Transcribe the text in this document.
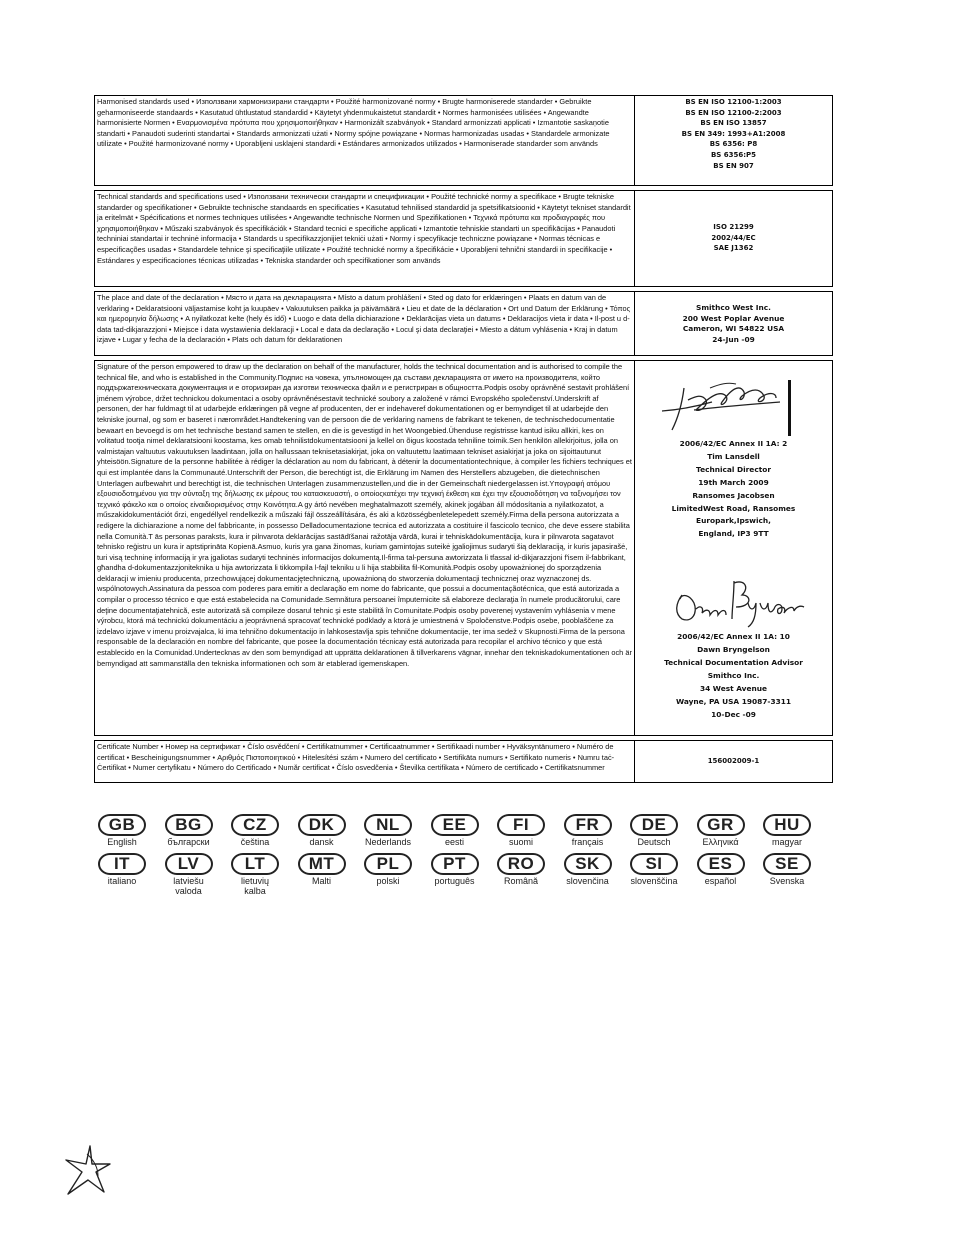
Harmonised standards used • Използвани хармонизирани стандарти • Použité harmonizované normy • Brugte harmoniserede standarder • Gebruikte geharmoniseerde standaards • Kasutatud ühtlustatud standardid • Käytetyt yhdenmukaistetut standardit • Normes harmonisées utilisées • Angewandte harmonisierte Normen • Εναρμονισμένα πρότυπα που χρησιμοποιήθηκαν • Harmonizált szabványok • Standard armonizzati applicati • Izmantotie saskaņotie standarti • Panaudoti suderinti standartai • Standards armonizzati użati • Normy spójne powiązane • Normas harmonizadas usadas • Standardele armonizate utilizate • Použité harmonizované normy • Uporabljeni usklajeni standardi • Estándares armonizados utilizados • Harmoniserade standarder som används
BS EN ISO 12100-1:2003
BS EN ISO 12100-2:2003
BS EN ISO 13857
BS EN 349: 1993+A1:2008
BS 6356: P8
BS 6356:P5
BS EN 907
Technical standards and specifications used • Използвани технически стандарти и спецификации • Použité technické normy a specifikace • Brugte tekniske standarder og specifikationer • Gebruikte technische standaards en specificaties • Kasutatud tehnilised standardid ja spetsifikatsioonid • Käytetyt tekniset standardit ja eritelmät • Spécifications et normes techniques utilisées • Angewandte technische Normen und Spezifikationen • Τεχνικά πρότυπα και προδιαγραφές που χρησιμοποιήθηκαν • Műszaki szabványok és specifikációk • Standard tecnici e specifiche applicati • Izmantotie tehniskie standarti un specifikācijas • Panaudoti techniniai standartai ir techninė informacija • Standards u specifikazzjonijiet tekniċi użati • Normy i specyfikacje techniczne powiązane • Normas técnicas e especificações usadas • Standardele tehnice şi specificaţiile utilizate • Použité technické normy a špecifikácie • Uporabljeni tehnični standardi in specifikacije • Estándares y especificaciones técnicas utilizadas • Tekniska standarder och specifikationer som används
ISO 21299
2002/44/EC
SAE J1362
The place and date of the declaration • Място и дата на декларацията • Místo a datum prohlášení • Sted og dato for erklæringen • Plaats en datum van de verklaring • Deklaratsiooni väljastamise koht ja kuupäev • Vakuutuksen paikka ja päivämäärä • Lieu et date de la déclaration • Ort und Datum der Erklärung • Τόπος και ημερομηνία δήλωσης • A nyilatkozat kelte (hely és idő) • Luogo e data della dichiarazione • Deklarācijas vieta un datums • Deklaracijos vieta ir data • Il-post u d-data tad-dikjarazzjoni • Miejsce i data wystawienia deklaracji • Local e data da declaração • Locul şi data declaraţiei • Miesto a dátum vyhlásenia • Kraj in datum izjave • Lugar y fecha de la declaración • Plats och datum för deklarationen
Smithco West Inc.
200 West Poplar Avenue
Cameron, WI 54822 USA
24-Jun -09
Signature of the person empowered to draw up the declaration on behalf of the manufacturer, holds the technical documentation and is authorised to compile the technical file, and who is established in the Community.Подпис на човека, упълномощен да състави декларацията от името на производителя, който поддържатехническата документация и е оторизиран да изготви техническа файл и е регистриран в общността.Podpis osoby oprávněné sestavit prohlášení jménem výrobce, držet technickou dokumentaci a osoby oprávněnésestavit technické soubory a založené v rámci Evropského společenství.Underskrift af personen, der har fuldmagt til at udarbejde erklæringen på vegne af producenten, der er indehaveref dokumentationen og er bemyndiget til at udarbejde den tekniske journal, og som er baseret i nærområdet.Handtekening van de persoon die de verklaring namens de fabrikant te tekenen, de technischedocumentatie bewaart en bevoegd is om het technische bestand samen te stellen, en die is gevestigd in het Woongebied.Ühenduse registrisse kantud isiku allkiri, kes on volitatud tootja nimel deklaratsiooni koostama, kes omab tehnilistdokumentatsiooni ja kellel on õigus koostada tehniline toimik.Sen henkilön allekirjoitus, jolla on valmistajan valtuutus vakuutuksen laadintaan, jolla on hallussaan teknisetasiakirjat, joka on valtuutettu laatimaan tekniset asiakirjat ja joka on sijoittautunut yhteisöön.Signature de la personne habilitée à rédiger la déclaration au nom du fabricant, à détenir la documentationtechnique, à compiler les fichiers techniques et qui est implantée dans la Communauté.Unterschrift der Person, die berechtigt ist, die Erklärung im Namen des Herstellers abzugeben, die dietechnischen Unterlagen aufbewahrt und berechtigt ist, die technischen Unterlagen zusammenzustellen,und die in der Gemeinschaft niedergelassen ist.Υπογραφή ατόμου εξουσιοδοτημένου για την σύνταξη της δήλωσης εκ μέρους του κατασκευαστή, ο οποίοςκατέχει την τεχνική έκθεση και έχει την εξουσιοδότηση να ταξινομήσει τον τεχνικό φάκελο και ο οποίος είναιδιορισμένος στην Κοινότητα.A gy ártó nevében meghatalmazott személy, akinek jogában áll módosítania a nyilatkozatot, a műszakidokumentációt őrzi, engedéllyel rendelkezik a műszaki fájl összeállítására, és aki a közösségbenletelepedett személy.Firma della persona autorizzata a redigere la dichiarazione a nome del fabbricante, in possesso Delladocumentazione tecnica ed autorizzata a costituire il fascicolo tecnico, che deve essere stabilita nella Comunità.T ās personas paraksts, kura ir pilnvarota deklarācijas sastādīšanai ražotāja vārdā, kurai ir tehniskādokumentācija, kura ir pilnvarota sagatavot tehnisko reģistru un kura ir aptstiprināta Kopienā.Asmuo, kuris yra gana žinomas, kuriam gamintojas suteikė įgaliojimus sudaryti šią deklaraciją, ir kuris japasirašė, turi visą techninę informaciją ir yra įgaliotas sudaryti techninės informacijos dokumentą.Il-firma tal-persuna awtorizzata li tfassal id-dikjarazzjoni f'isem il-fabbrikant, għandha d-dokumentazzjoniteknika u hija awtorizzata li tikkompila l-fajl tekniku u li hija stabbilita fil-Komunità.Podpis osoby upoważnionej do sporządzenia deklaracji w imieniu producenta, przechowującej dokumentacjętechniczną, upoważnioną do stworzenia dokumentacji technicznej oraz wyznaczonej ds. wspólnotowych.Assinatura da pessoa com poderes para emitir a declaração em nome do fabricante, que possui a documentaçãotécnica, que está autorizada a compilar o processo técnico e que está estabelecida na Comunidade.Semnătura persoanei împuternicite să elaboreze declaraţia în numele producătorului, care deţine documentaţiatehnică, este autorizată să compileze dosarul tehnic şi este stabilită în Comunitate.Podpis osoby poverenej vystavením vyhlásenia v mene výrobcu, ktorá má technickú dokumentáciu a jeoprávnená spracovať technické podklady a ktorá je umiestnená v Spoločenstve.Podpis osebe, pooblaščene za izdelavo izjave v imenu proizvajalca, ki ima tehnično dokumentacijo in lahkosestavlja spis tehnične dokumentacije, ter ima sedež v Skupnosti.Firma de la persona responsable de la declaración en nombre del fabricante, que posee la documentación técnicay está autorizada para recopilar el archivo técnico y que está establecido en la Comunidad.Undertecknas av den som bemyndigad att upprätta deklarationen å tillverkarens vägnar, innehar den tekniskadokumentationen och är bemyndigad att sammanställa den tekniska informationen och som är etablerad igemenskapen.
2006/42/EC Annex II 1A: 2
Tim Lansdell
Technical Director
19th March 2009
Ransomes Jacobsen
LimitedWest Road, Ransomes Europark,Ipswich,
England, IP3 9TT
2006/42/EC Annex II 1A: 10
Dawn Bryngelson
Technical Documentation Advisor
Smithco Inc.
34 West Avenue
Wayne, PA USA 19087-3311
10-Dec -09
Certificate Number • Номер на сертификат • Číslo osvědčení • Certifikatnummer • Certificaatnummer • Sertifikaadi number • Hyväksyntänumero • Numéro de certificat • Bescheinigungsnummer • Αριθμός Πιστοποιητικού • Hitelesítési szám • Numero del certificato • Sertifikāta numurs • Sertifikato numeris • Numru taċ-Ċertifikat • Numer certyfikatu • Número do Certificado • Număr certificat • Číslo osvedčenia • Številka certifikata • Número de certificado • Certifikatsnummer
156002009-1
GB
English
BG
български
CZ
čeština
DK
dansk
NL
Nederlands
EE
eesti
FI
suomi
FR
français
DE
Deutsch
GR
Ελληνικά
HU
magyar
IT
italiano
LV
latviešu valoda
LT
lietuvių kalba
MT
Malti
PL
polski
PT
português
RO
Română
SK
slovenčina
SI
slovenščina
ES
español
SE
Svenska
